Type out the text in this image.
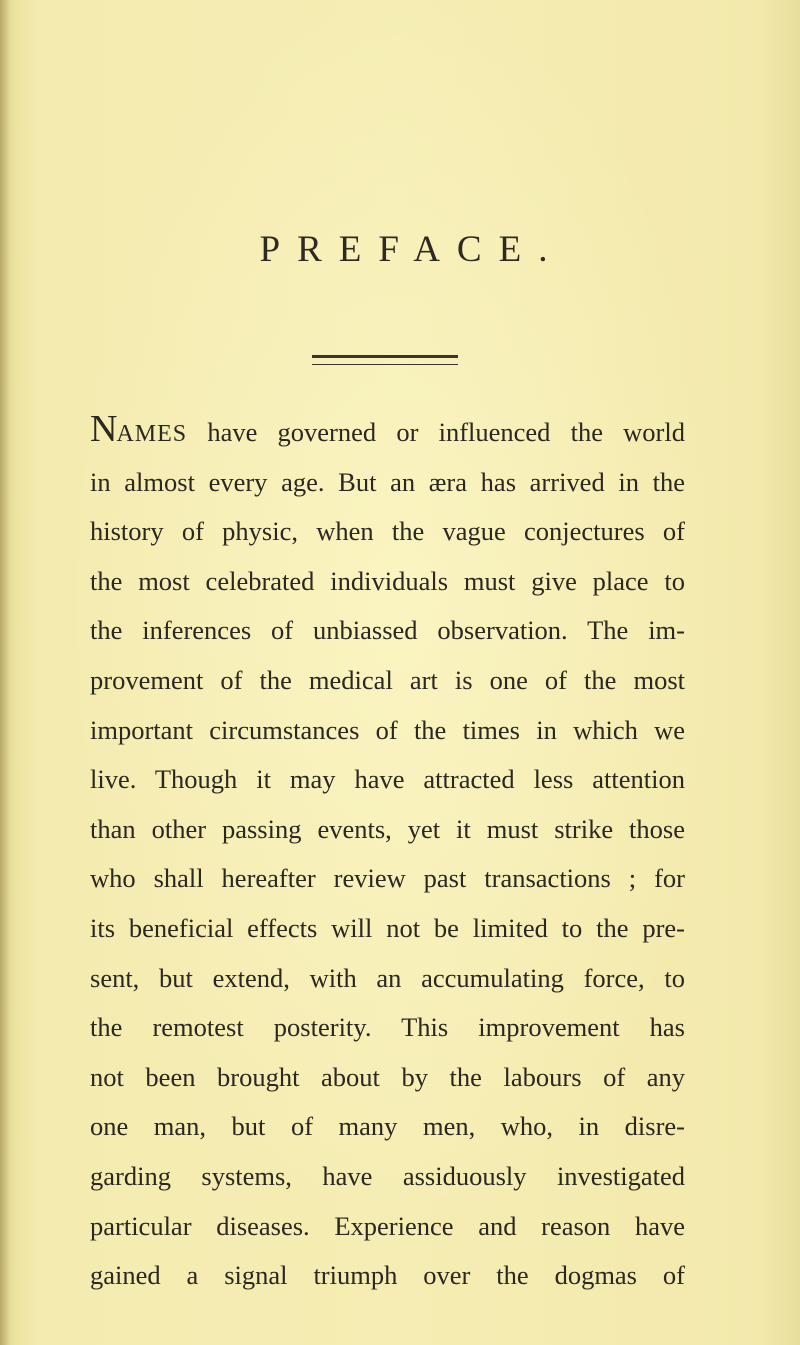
PREFACE.
NAMES have governed or influenced the world
in almost every age. But an æra has arrived in the
history of physic, when the vague conjectures of
the most celebrated individuals must give place to
the inferences of unbiassed observation. The im-
provement of the medical art is one of the most
important circumstances of the times in which we
live. Though it may have attracted less attention
than other passing events, yet it must strike those
who shall hereafter review past transactions ; for
its beneficial effects will not be limited to the pre-
sent, but extend, with an accumulating force, to
the remotest posterity. This improvement has
not been brought about by the labours of any
one man, but of many men, who, in disre-
garding systems, have assiduously investigated
particular diseases. Experience and reason have
gained a signal triumph over the dogmas of
